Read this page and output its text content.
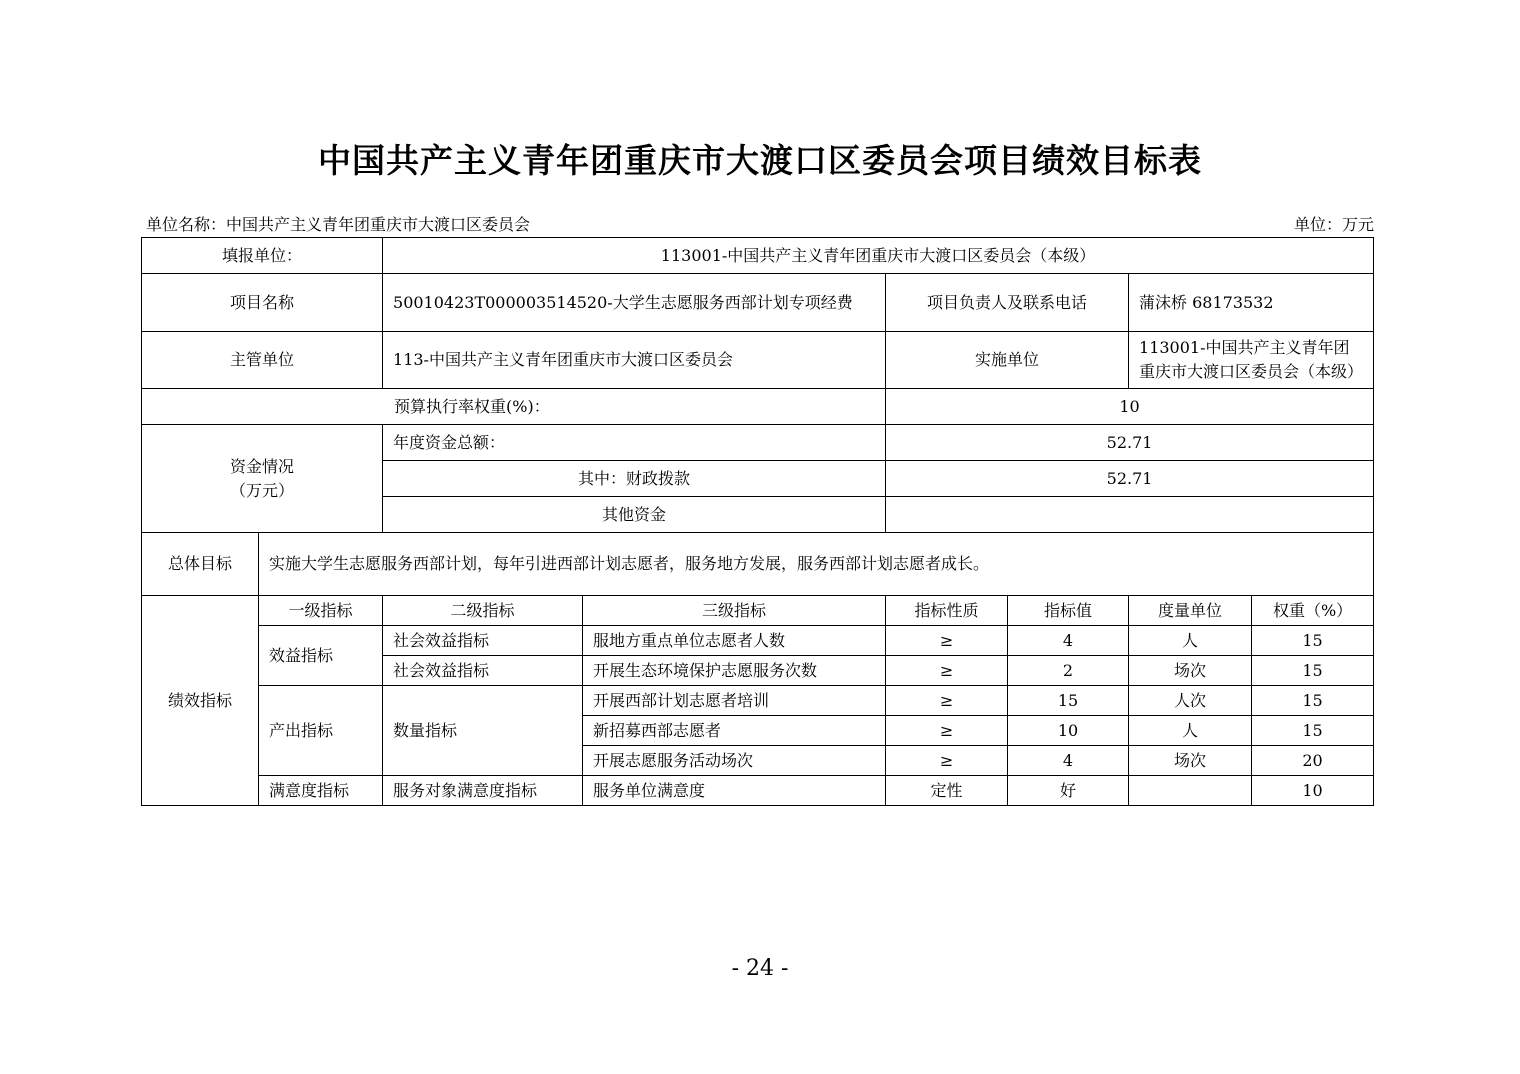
中国共产主义青年团重庆市大渡口区委员会项目绩效目标表
单位名称：中国共产主义青年团重庆市大渡口区委员会	单位：万元
填报单位：		113001-中国共产主义青年团重庆市大渡口区委员会（本级）					
项目名称		50010423T000003514520-大学生志愿服务西部计划专项经费		项目负责人及联系电话		蒲沫桥 68173532	
主管单位		113-中国共产主义青年团重庆市大渡口区委员会		实施单位		113001-中国共产主义青年团重庆市大渡口区委员会（本级）	
预算执行率权重(%)：				10			

资金情况
（万元）		年度资金总额：		52.71			
		其中：财政拨款		52.71			
		其他资金					
总体目标	实施大学生志愿服务西部计划，每年引进西部计划志愿者，服务地方发展，服务西部计划志愿者成长。						
绩效指标	一级指标	二级指标	三级指标	指标性质	指标值	度量单位	权重（%）
	效益指标	社会效益指标	服地方重点单位志愿者人数	≥	4	人	15
		社会效益指标	开展生态环境保护志愿服务次数	≥	2	场次	15
	产出指标	数量指标	开展西部计划志愿者培训	≥	15	人次	15
			新招募西部志愿者	≥	10	人	15
			开展志愿服务活动场次	≥	4	场次	20
	满意度指标	服务对象满意度指标	服务单位满意度	定性	好		10
- 24 -
